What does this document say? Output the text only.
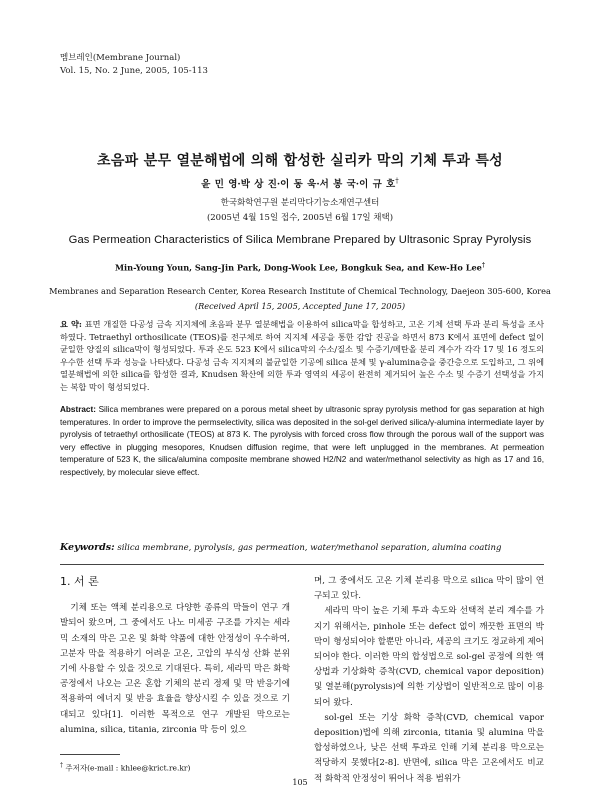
멤브레인(Membrane Journal)
Vol. 15, No. 2 June, 2005, 105-113
초음파 분무 열분해법에 의해 합성한 실리카 막의 기체 투과 특성
윤 민 영·박 상 진·이 동 욱·서 봉 국·이 규 호†
한국화학연구원 분리막다기능소재연구센터
(2005년 4월 15일 접수, 2005년 6월 17일 채택)
Gas Permeation Characteristics of Silica Membrane Prepared by Ultrasonic Spray Pyrolysis
Min-Young Youn, Sang-Jin Park, Dong-Wook Lee, Bongkuk Sea, and Kew-Ho Lee†
Membranes and Separation Research Center, Korea Research Institute of Chemical Technology, Daejeon 305-600, Korea
(Received April 15, 2005, Accepted June 17, 2005)
요 약: 표면 개질한 다공성 금속 지지체에 초음파 분무 열분해법을 이용하여 silica막을 합성하고, 고온 기체 선택 투과 분리 특성을 조사하였다. Tetraethyl orthosilicate (TEOS)를 전구체로 하여 지지체 세공을 통한 감압 진공을 하면서 873 K에서 표면에 defect 없이 균일한 양질의 silica막이 형성되었다. 투과 온도 523 K에서 silica막의 수소/질소 및 수증기/메탄올 분리 계수가 각각 17 및 16 정도의 우수한 선택 투과 성능을 나타냈다. 다공성 금속 지지체의 불균일한 기공에 silica 분체 및 γ-alumina층을 중간층으로 도입하고, 그 위에 열분해법에 의한 silica를 합성한 결과, Knudsen 확산에 의한 투과 영역의 세공이 완전히 제거되어 높은 수소 및 수증기 선택성을 가지는 복합 막이 형성되었다.
Abstract: Silica membranes were prepared on a porous metal sheet by ultrasonic spray pyrolysis method for gas separation at high temperatures. In order to improve the permselectivity, silica was deposited in the sol-gel derived silica/γ-alumina intermediate layer by pyrolysis of tetraethyl orthosilicate (TEOS) at 873 K. The pyrolysis with forced cross flow through the porous wall of the support was very effective in plugging mesopores, Knudsen diffusion regime, that were left unplugged in the membranes. At permeation temperature of 523 K, the silica/alumina composite membrane showed H2/N2 and water/methanol selectivity as high as 17 and 16, respectively, by molecular sieve effect.
Keywords: silica membrane, pyrolysis, gas permeation, water/methanol separation, alumina coating
1. 서 론

기체 또는 액체 분리용으로 다양한 종류의 막들이 연구 개발되어 왔으며, 그 중에서도 나노 미세공 구조를 가지는 세라믹 소재의 막은 고온 및 화학 약품에 대한 안정성이 우수하여, 고분자 막을 적용하기 어려운 고온, 고압의 부식성 산화 분위기에 사용할 수 있을 것으로 기대된다. 특히, 세라믹 막은 화학 공정에서 나오는 고온 혼합 기체의 분리 정제 및 막 반응기에 적용하여 에너지 및 반응 효율을 향상시킬 수 있을 것으로 기대되고 있다[1]. 이러한 목적으로 연구 개발된 막으로는 alumina, silica, titania, zirconia 막 등이 있으

† 주저자(e-mail : khlee@krict.re.kr)

며, 그 중에서도 고온 기체 분리용 막으로 silica 막이 많이 연구되고 있다.

세라믹 막이 높은 기체 투과 속도와 선택적 분리 계수를 가지기 위해서는, pinhole 또는 defect 없이 깨끗한 표면의 박막이 형성되어야 할뿐만 아니라, 세공의 크기도 정교하게 제어되어야 한다. 이러한 막의 합성법으로 sol-gel 공정에 의한 액상법과 기상화학 증착(CVD, chemical vapor deposition) 및 열분해(pyrolysis)에 의한 기상법이 일반적으로 많이 이용되어 왔다.

sol-gel 또는 기상 화학 증착(CVD, chemical vapor deposition)법에 의해 zirconia, titania 및 alumina 막을 합성하였으나, 낮은 선택 투과로 인해 기체 분리용 막으로는 적당하지 못했다[2-8]. 반면에, silica 막은 고온에서도 비교적 화학적 안정성이 뛰어나 적용 범위가

105
